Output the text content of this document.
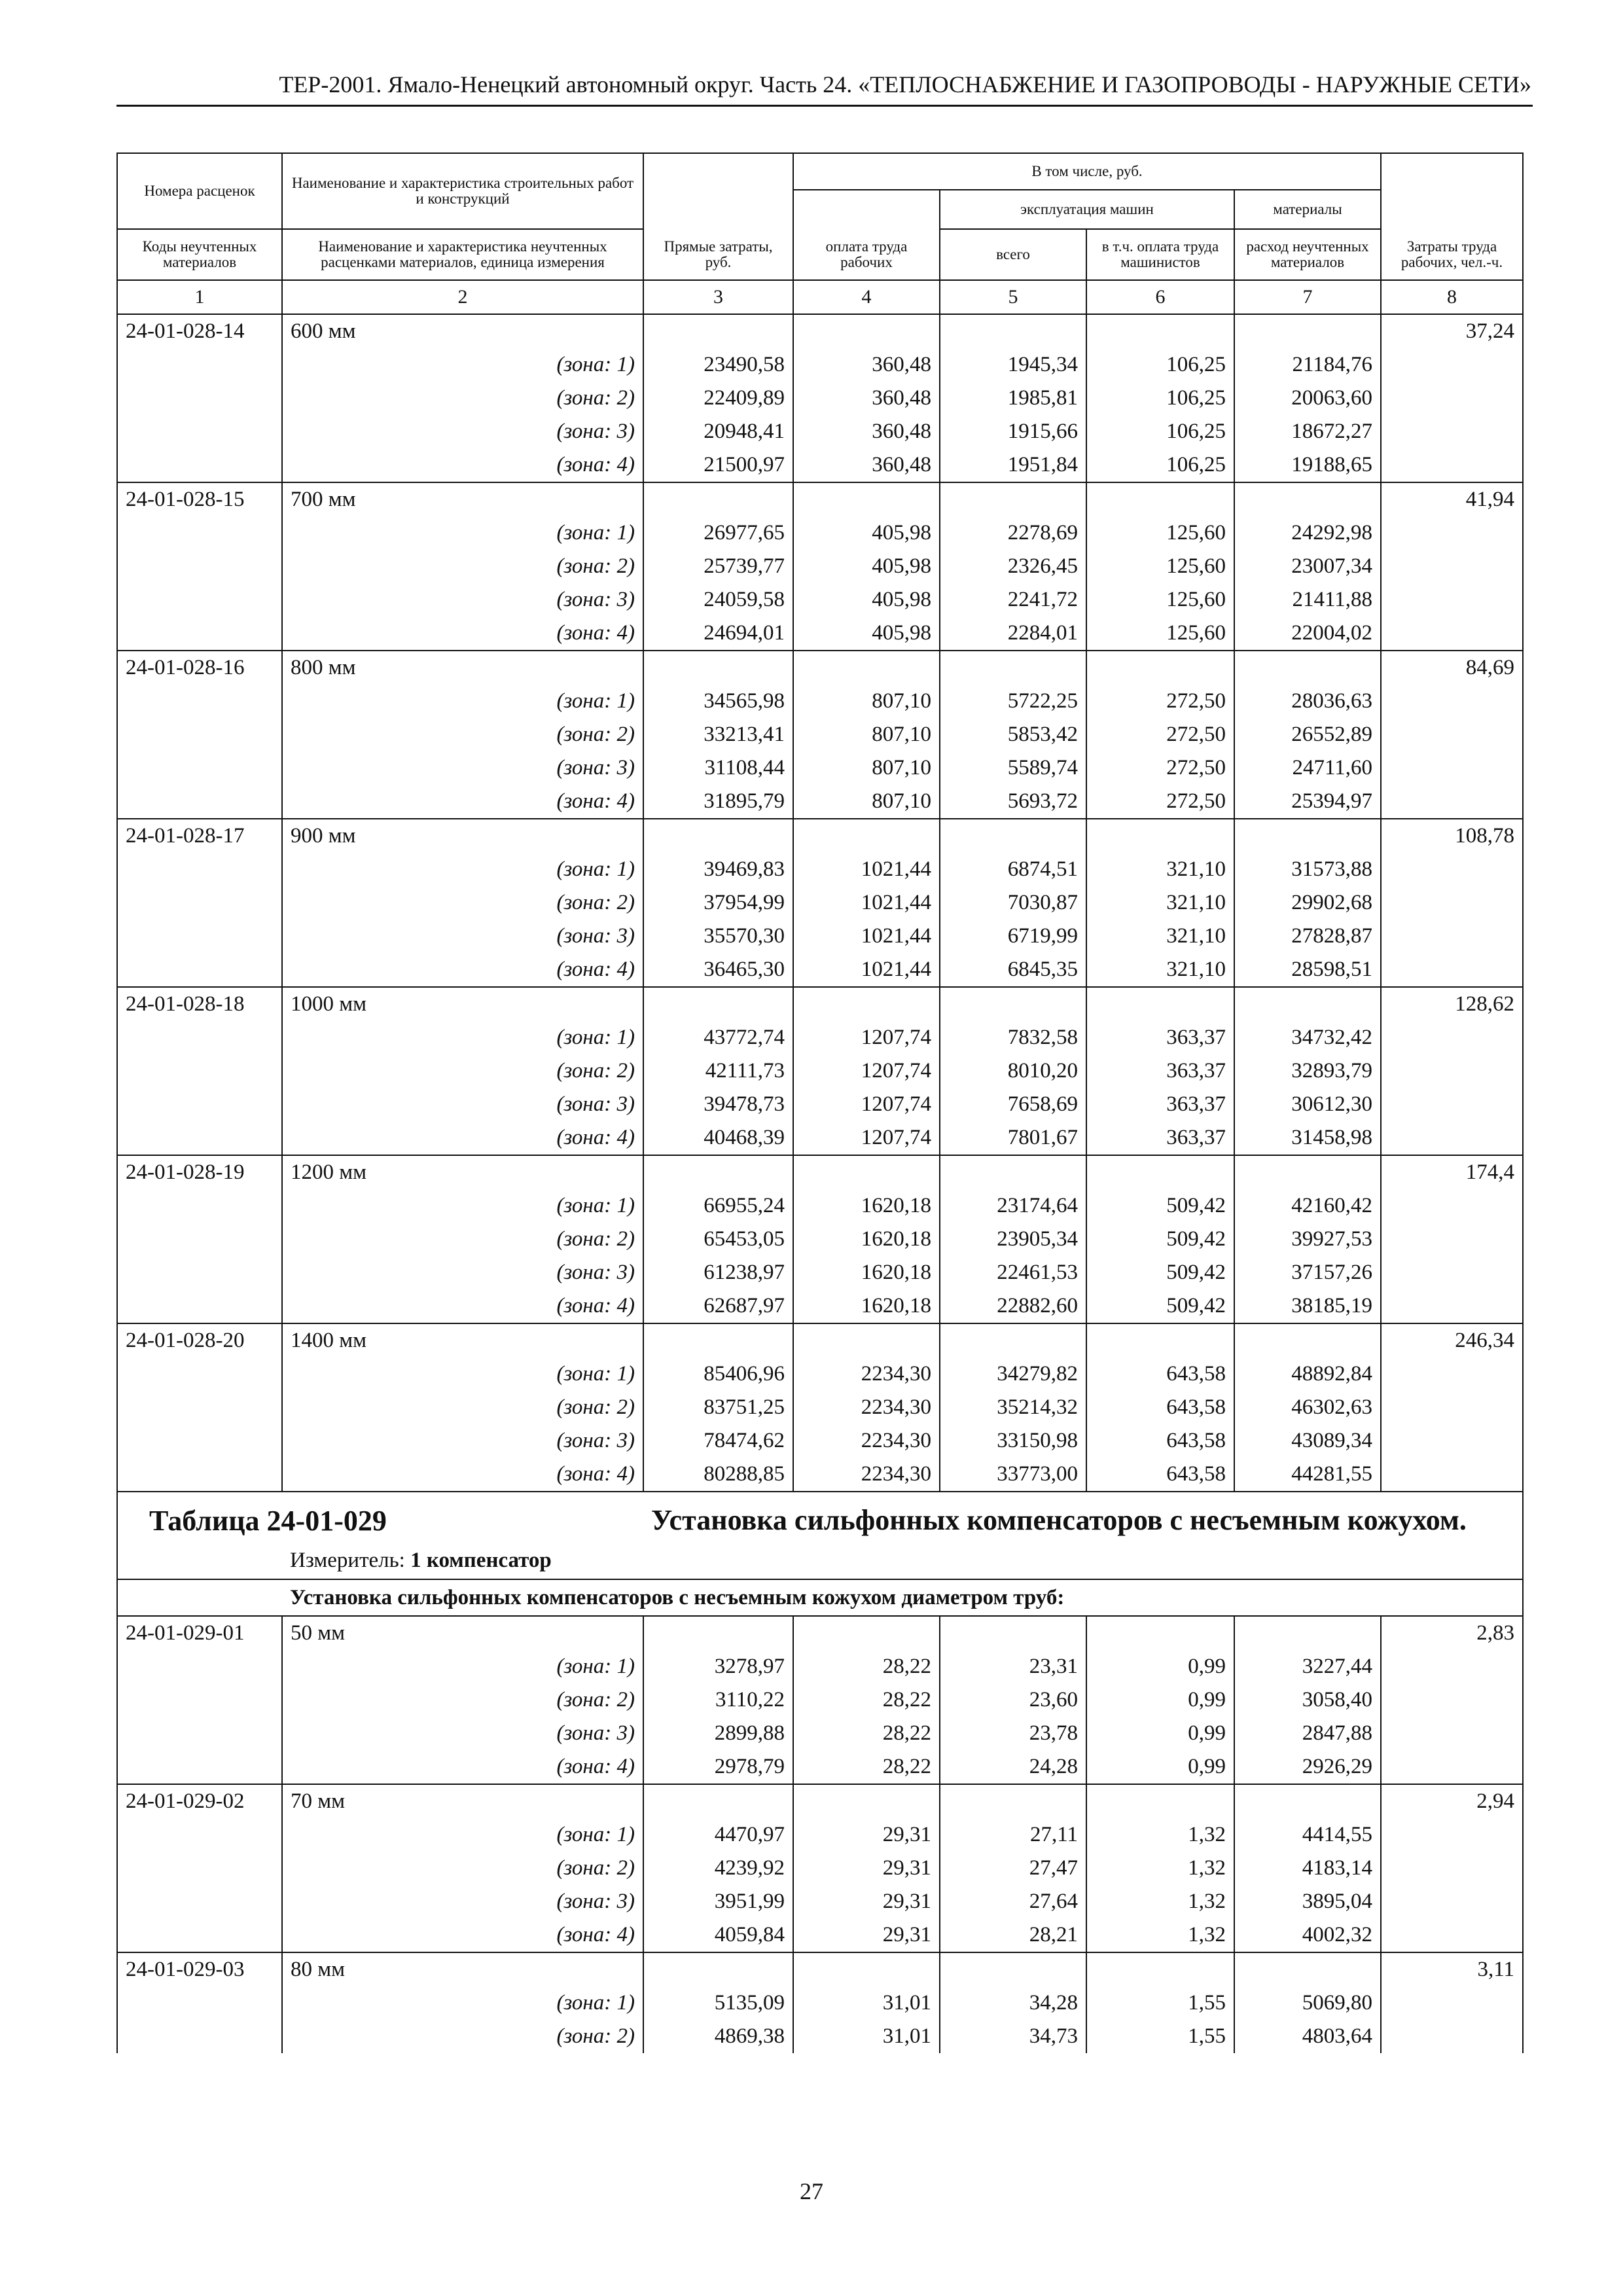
ТЕР-2001. Ямало-Ненецкий автономный округ. Часть 24. «ТЕПЛОСНАБЖЕНИЕ И ГАЗОПРОВОДЫ - НАРУЖНЫЕ СЕТИ»
Номера расценок	Наименование и характеристика строительных работ и конструкций	Прямые затраты, руб.	В том числе, руб.				Затраты труда рабочих, чел.-ч.
			оплата труда рабочих	эксплуатация машин		материалы	
Коды неучтенных материалов	Наименование и характеристика неучтенных расценками материалов, единица измерения			всего	в т.ч. оплата труда машинистов	расход неучтенных материалов	
1	2	3	4	5	6	7	8
24-01-028-14	600 мм						37,24
	(зона: 1)	23490,58	360,48	1945,34	106,25	21184,76	
	(зона: 2)	22409,89	360,48	1985,81	106,25	20063,60	
	(зона: 3)	20948,41	360,48	1915,66	106,25	18672,27	
	(зона: 4)	21500,97	360,48	1951,84	106,25	19188,65	
24-01-028-15	700 мм						41,94
	(зона: 1)	26977,65	405,98	2278,69	125,60	24292,98	
	(зона: 2)	25739,77	405,98	2326,45	125,60	23007,34	
	(зона: 3)	24059,58	405,98	2241,72	125,60	21411,88	
	(зона: 4)	24694,01	405,98	2284,01	125,60	22004,02	
24-01-028-16	800 мм						84,69
	(зона: 1)	34565,98	807,10	5722,25	272,50	28036,63	
	(зона: 2)	33213,41	807,10	5853,42	272,50	26552,89	
	(зона: 3)	31108,44	807,10	5589,74	272,50	24711,60	
	(зона: 4)	31895,79	807,10	5693,72	272,50	25394,97	
24-01-028-17	900 мм						108,78
	(зона: 1)	39469,83	1021,44	6874,51	321,10	31573,88	
	(зона: 2)	37954,99	1021,44	7030,87	321,10	29902,68	
	(зона: 3)	35570,30	1021,44	6719,99	321,10	27828,87	
	(зона: 4)	36465,30	1021,44	6845,35	321,10	28598,51	
24-01-028-18	1000 мм						128,62
	(зона: 1)	43772,74	1207,74	7832,58	363,37	34732,42	
	(зона: 2)	42111,73	1207,74	8010,20	363,37	32893,79	
	(зона: 3)	39478,73	1207,74	7658,69	363,37	30612,30	
	(зона: 4)	40468,39	1207,74	7801,67	363,37	31458,98	
24-01-028-19	1200 мм						174,4
	(зона: 1)	66955,24	1620,18	23174,64	509,42	42160,42	
	(зона: 2)	65453,05	1620,18	23905,34	509,42	39927,53	
	(зона: 3)	61238,97	1620,18	22461,53	509,42	37157,26	
	(зона: 4)	62687,97	1620,18	22882,60	509,42	38185,19	
24-01-028-20	1400 мм						246,34
	(зона: 1)	85406,96	2234,30	34279,82	643,58	48892,84	
	(зона: 2)	83751,25	2234,30	35214,32	643,58	46302,63	
	(зона: 3)	78474,62	2234,30	33150,98	643,58	43089,34	
	(зона: 4)	80288,85	2234,30	33773,00	643,58	44281,55	
Таблица 24-01-029		Установка сильфонных компенсаторов с несъемным кожухом.					

	Измеритель: 1 компенсатор						
	Установка сильфонных компенсаторов с несъемным кожухом диаметром труб:						
24-01-029-01	50 мм						2,83
	(зона: 1)	3278,97	28,22	23,31	0,99	3227,44	
	(зона: 2)	3110,22	28,22	23,60	0,99	3058,40	
	(зона: 3)	2899,88	28,22	23,78	0,99	2847,88	
	(зона: 4)	2978,79	28,22	24,28	0,99	2926,29	
24-01-029-02	70 мм						2,94
	(зона: 1)	4470,97	29,31	27,11	1,32	4414,55	
	(зона: 2)	4239,92	29,31	27,47	1,32	4183,14	
	(зона: 3)	3951,99	29,31	27,64	1,32	3895,04	
	(зона: 4)	4059,84	29,31	28,21	1,32	4002,32	
24-01-029-03	80 мм						3,11
	(зона: 1)	5135,09	31,01	34,28	1,55	5069,80	
	(зона: 2)	4869,38	31,01	34,73	1,55	4803,64	
27
